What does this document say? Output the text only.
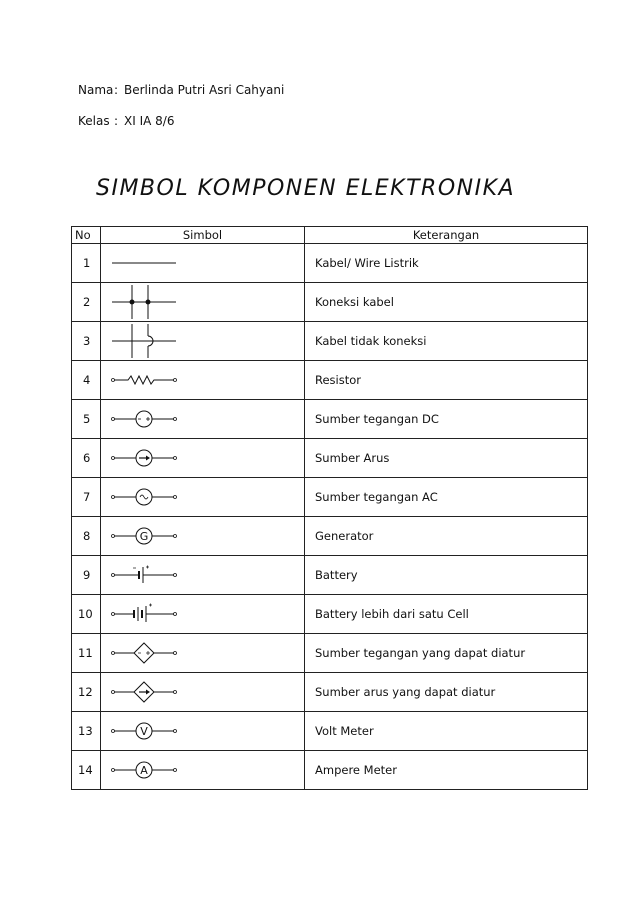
Nama: Berlinda Putri Asri Cahyani
Kelas : XI IA 8/6
SIMBOL KOMPONEN ELEKTRONIKA
No	Simbol	Keterangan
1		Kabel/ Wire Listrik
2		Koneksi kabel
3		Kabel tidak koneksi
4		Resistor
5		Sumber tegangan DC
6		Sumber Arus
7		Sumber tegangan AC
8	G	Generator
9		Battery
10		Battery lebih dari satu Cell
11		Sumber tegangan yang dapat diatur
12		Sumber arus yang dapat diatur
13	V	Volt Meter
14	A	Ampere Meter
